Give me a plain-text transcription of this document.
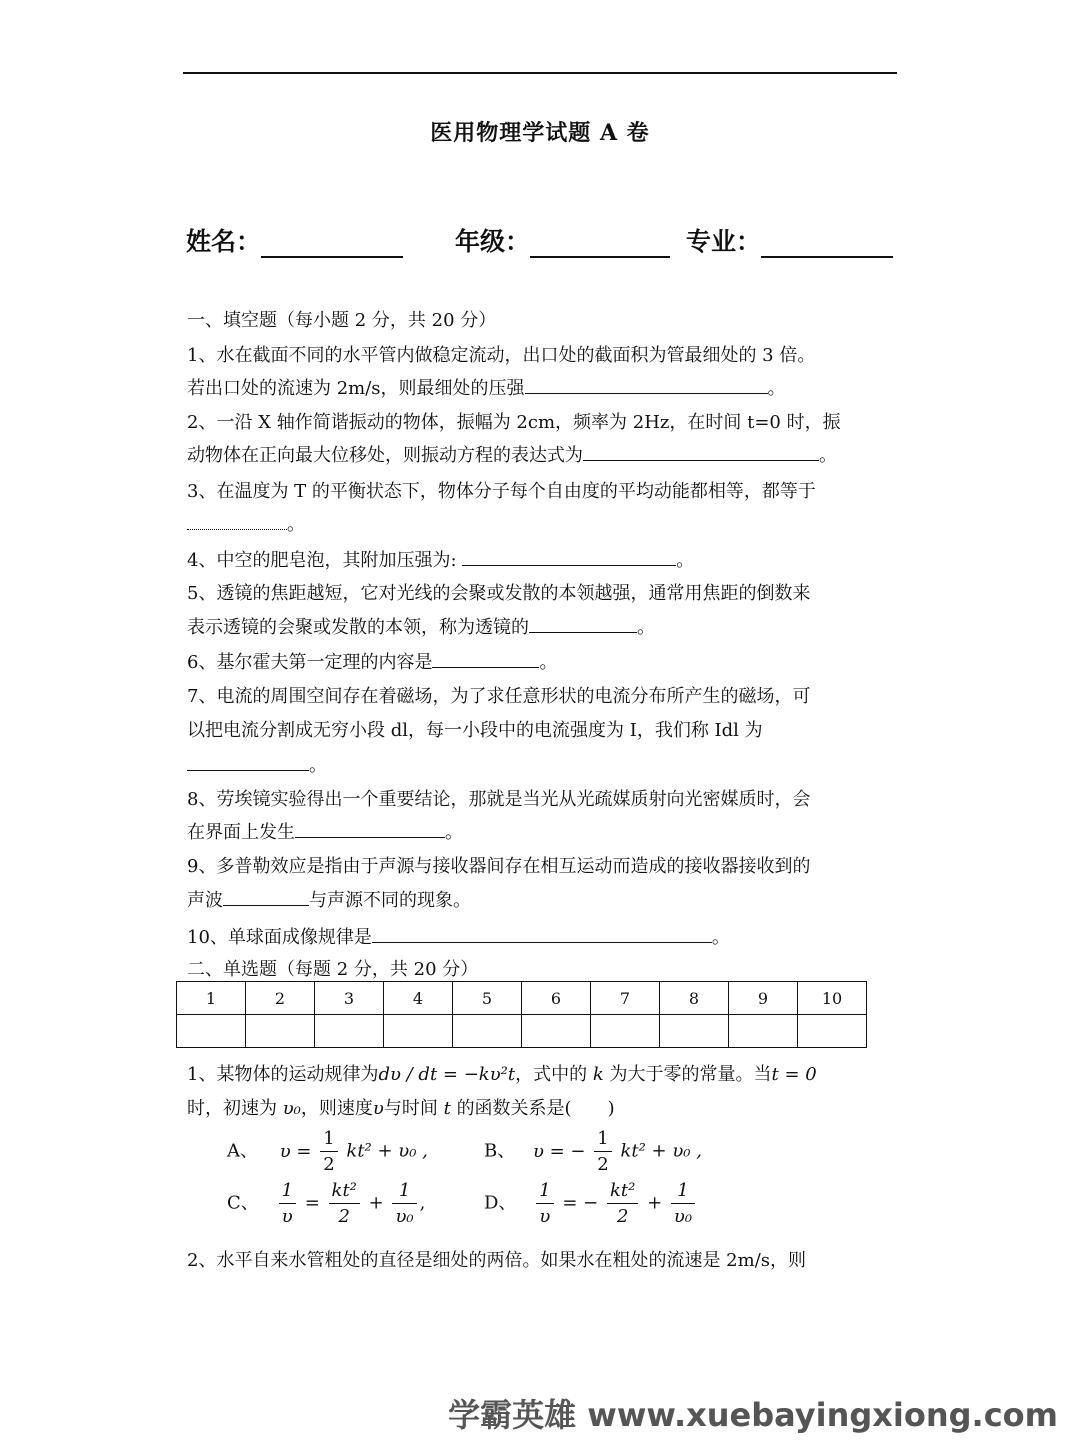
医用物理学试题 A 卷
姓名：	年级：	专业：
一、填空题（每小题 2 分，共 20 分）
1、水在截面不同的水平管内做稳定流动，出口处的截面积为管最细处的 3 倍。
若出口处的流速为 2m/s，则最细处的压强	。
2、一沿 X 轴作简谐振动的物体，振幅为 2cm，频率为 2Hz，在时间 t=0 时，振
动物体在正向最大位移处，则振动方程的表达式为	。
3、在温度为 T 的平衡状态下，物体分子每个自由度的平均动能都相等，都等于
。
4、中空的肥皂泡，其附加压强为:	。
5、透镜的焦距越短，它对光线的会聚或发散的本领越强，通常用焦距的倒数来
表示透镜的会聚或发散的本领，称为透镜的	。
6、基尔霍夫第一定理的内容是	。
7、电流的周围空间存在着磁场，为了求任意形状的电流分布所产生的磁场，可
以把电流分割成无穷小段 dl，每一小段中的电流强度为 I，我们称 Idl 为
。
8、劳埃镜实验得出一个重要结论，那就是当光从光疏媒质射向光密媒质时，会
在界面上发生	。
9、多普勒效应是指由于声源与接收器间存在相互运动而造成的接收器接收到的
声波	与声源不同的现象。
10、单球面成像规律是	。
二、单选题（每题 2 分，共 20 分）
1	2	3	4	5	6	7	8	9	10

1、某物体的运动规律为dυ / dt = −kυ²t，式中的 k 为大于零的常量。当t = 0
时，初速为 υ₀，则速度υ与时间 t 的函数关系是(　　)
A、 $\upsilon = \frac{1}{2} kt^2 + \upsilon_0$ ,	B、 υ = − $\frac{1}{2} kt^2 + \upsilon_0$ ,
C、 $\frac{1}{\upsilon} = \frac{\text{kt²}}{2} + \frac{1}{\text{υ₀}}$ ,	D、 $\frac{1}{\upsilon}$ = − $\frac{\text{kt²}}{2} + \frac{1}{\text{υ₀}}$
2、水平自来水管粗处的直径是细处的两倍。如果水在粗处的流速是 2m/s，则
学霸英雄 www.xuebayingxiong.com
